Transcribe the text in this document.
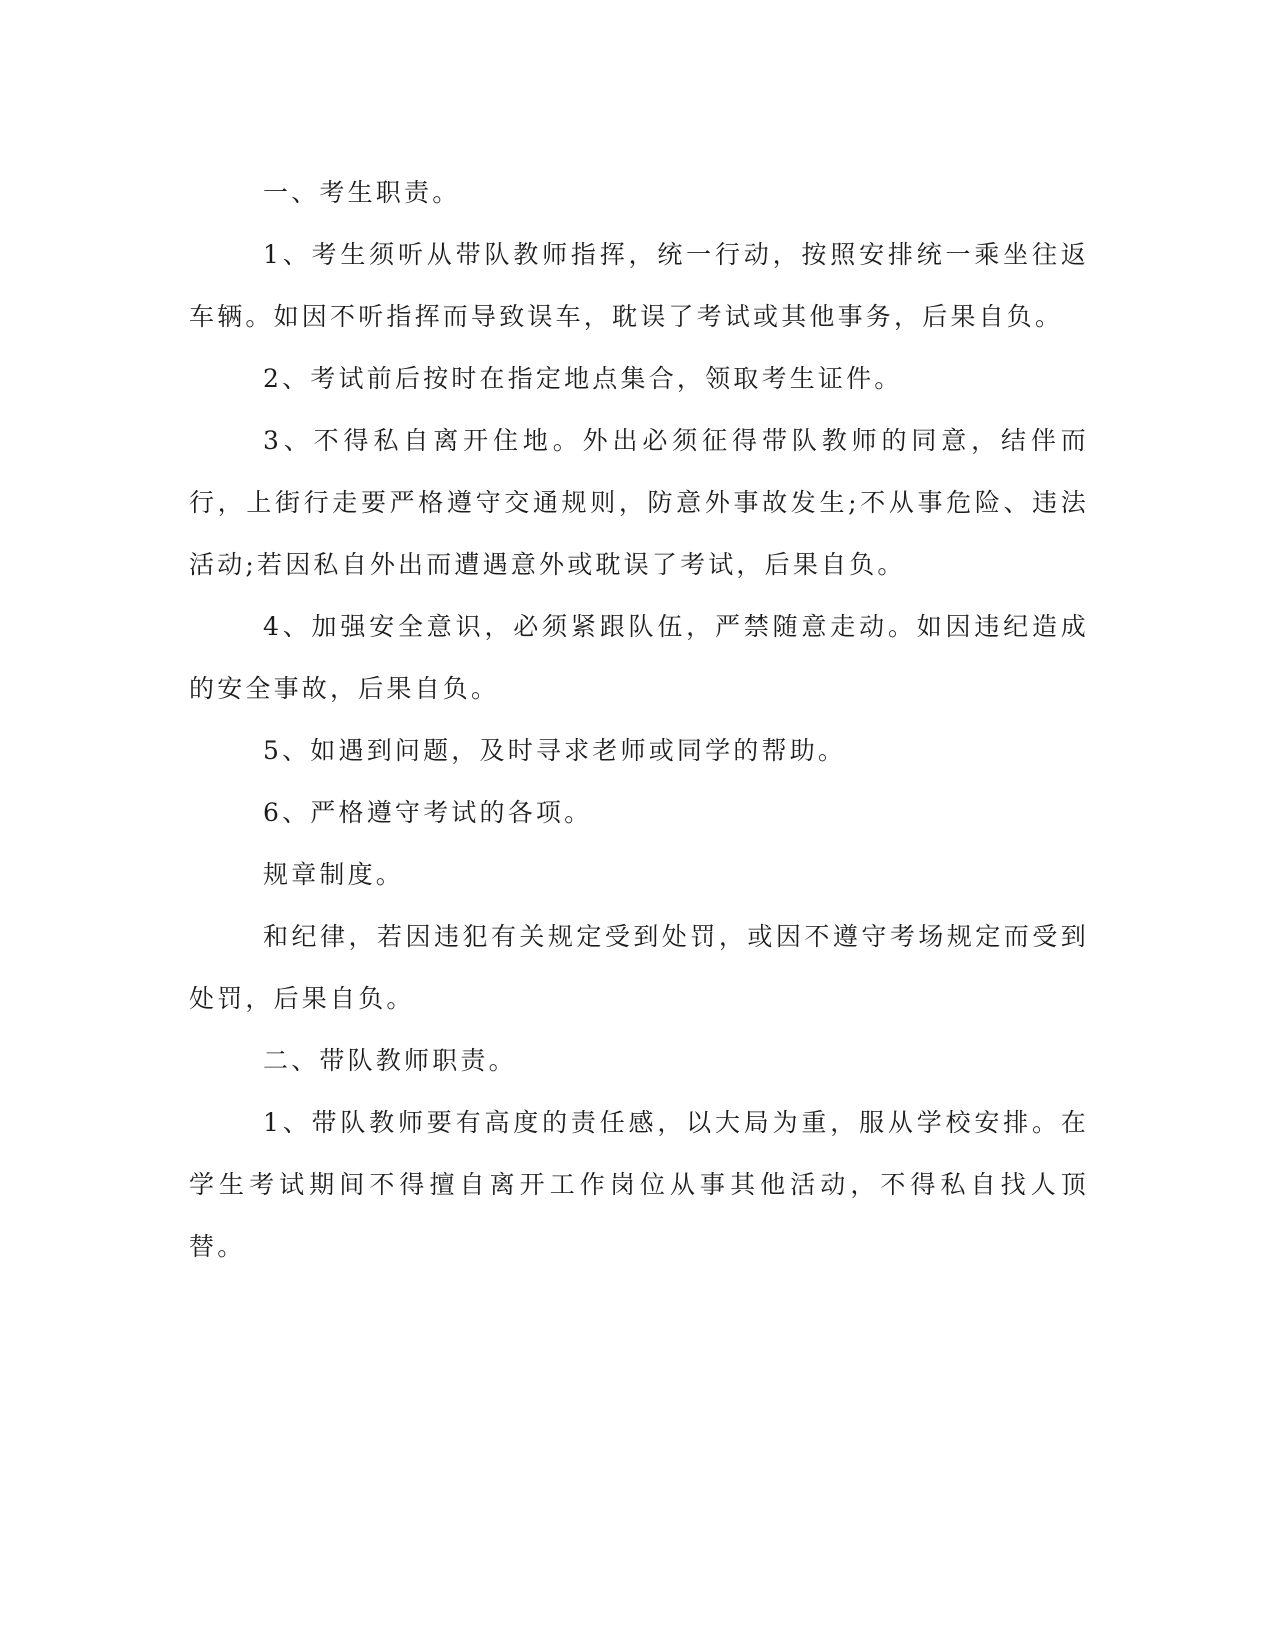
一、考生职责。

1、考生须听从带队教师指挥，统一行动，按照安排统一乘坐往返车辆。如因不听指挥而导致误车，耽误了考试或其他事务，后果自负。

2、考试前后按时在指定地点集合，领取考生证件。

3、不得私自离开住地。外出必须征得带队教师的同意，结伴而行，上街行走要严格遵守交通规则，防意外事故发生;不从事危险、违法活动;若因私自外出而遭遇意外或耽误了考试，后果自负。

4、加强安全意识，必须紧跟队伍，严禁随意走动。如因违纪造成的安全事故，后果自负。

5、如遇到问题，及时寻求老师或同学的帮助。

6、严格遵守考试的各项。

规章制度。

和纪律，若因违犯有关规定受到处罚，或因不遵守考场规定而受到处罚，后果自负。

二、带队教师职责。

1、带队教师要有高度的责任感，以大局为重，服从学校安排。在学生考试期间不得擅自离开工作岗位从事其他活动，不得私自找人顶替。
